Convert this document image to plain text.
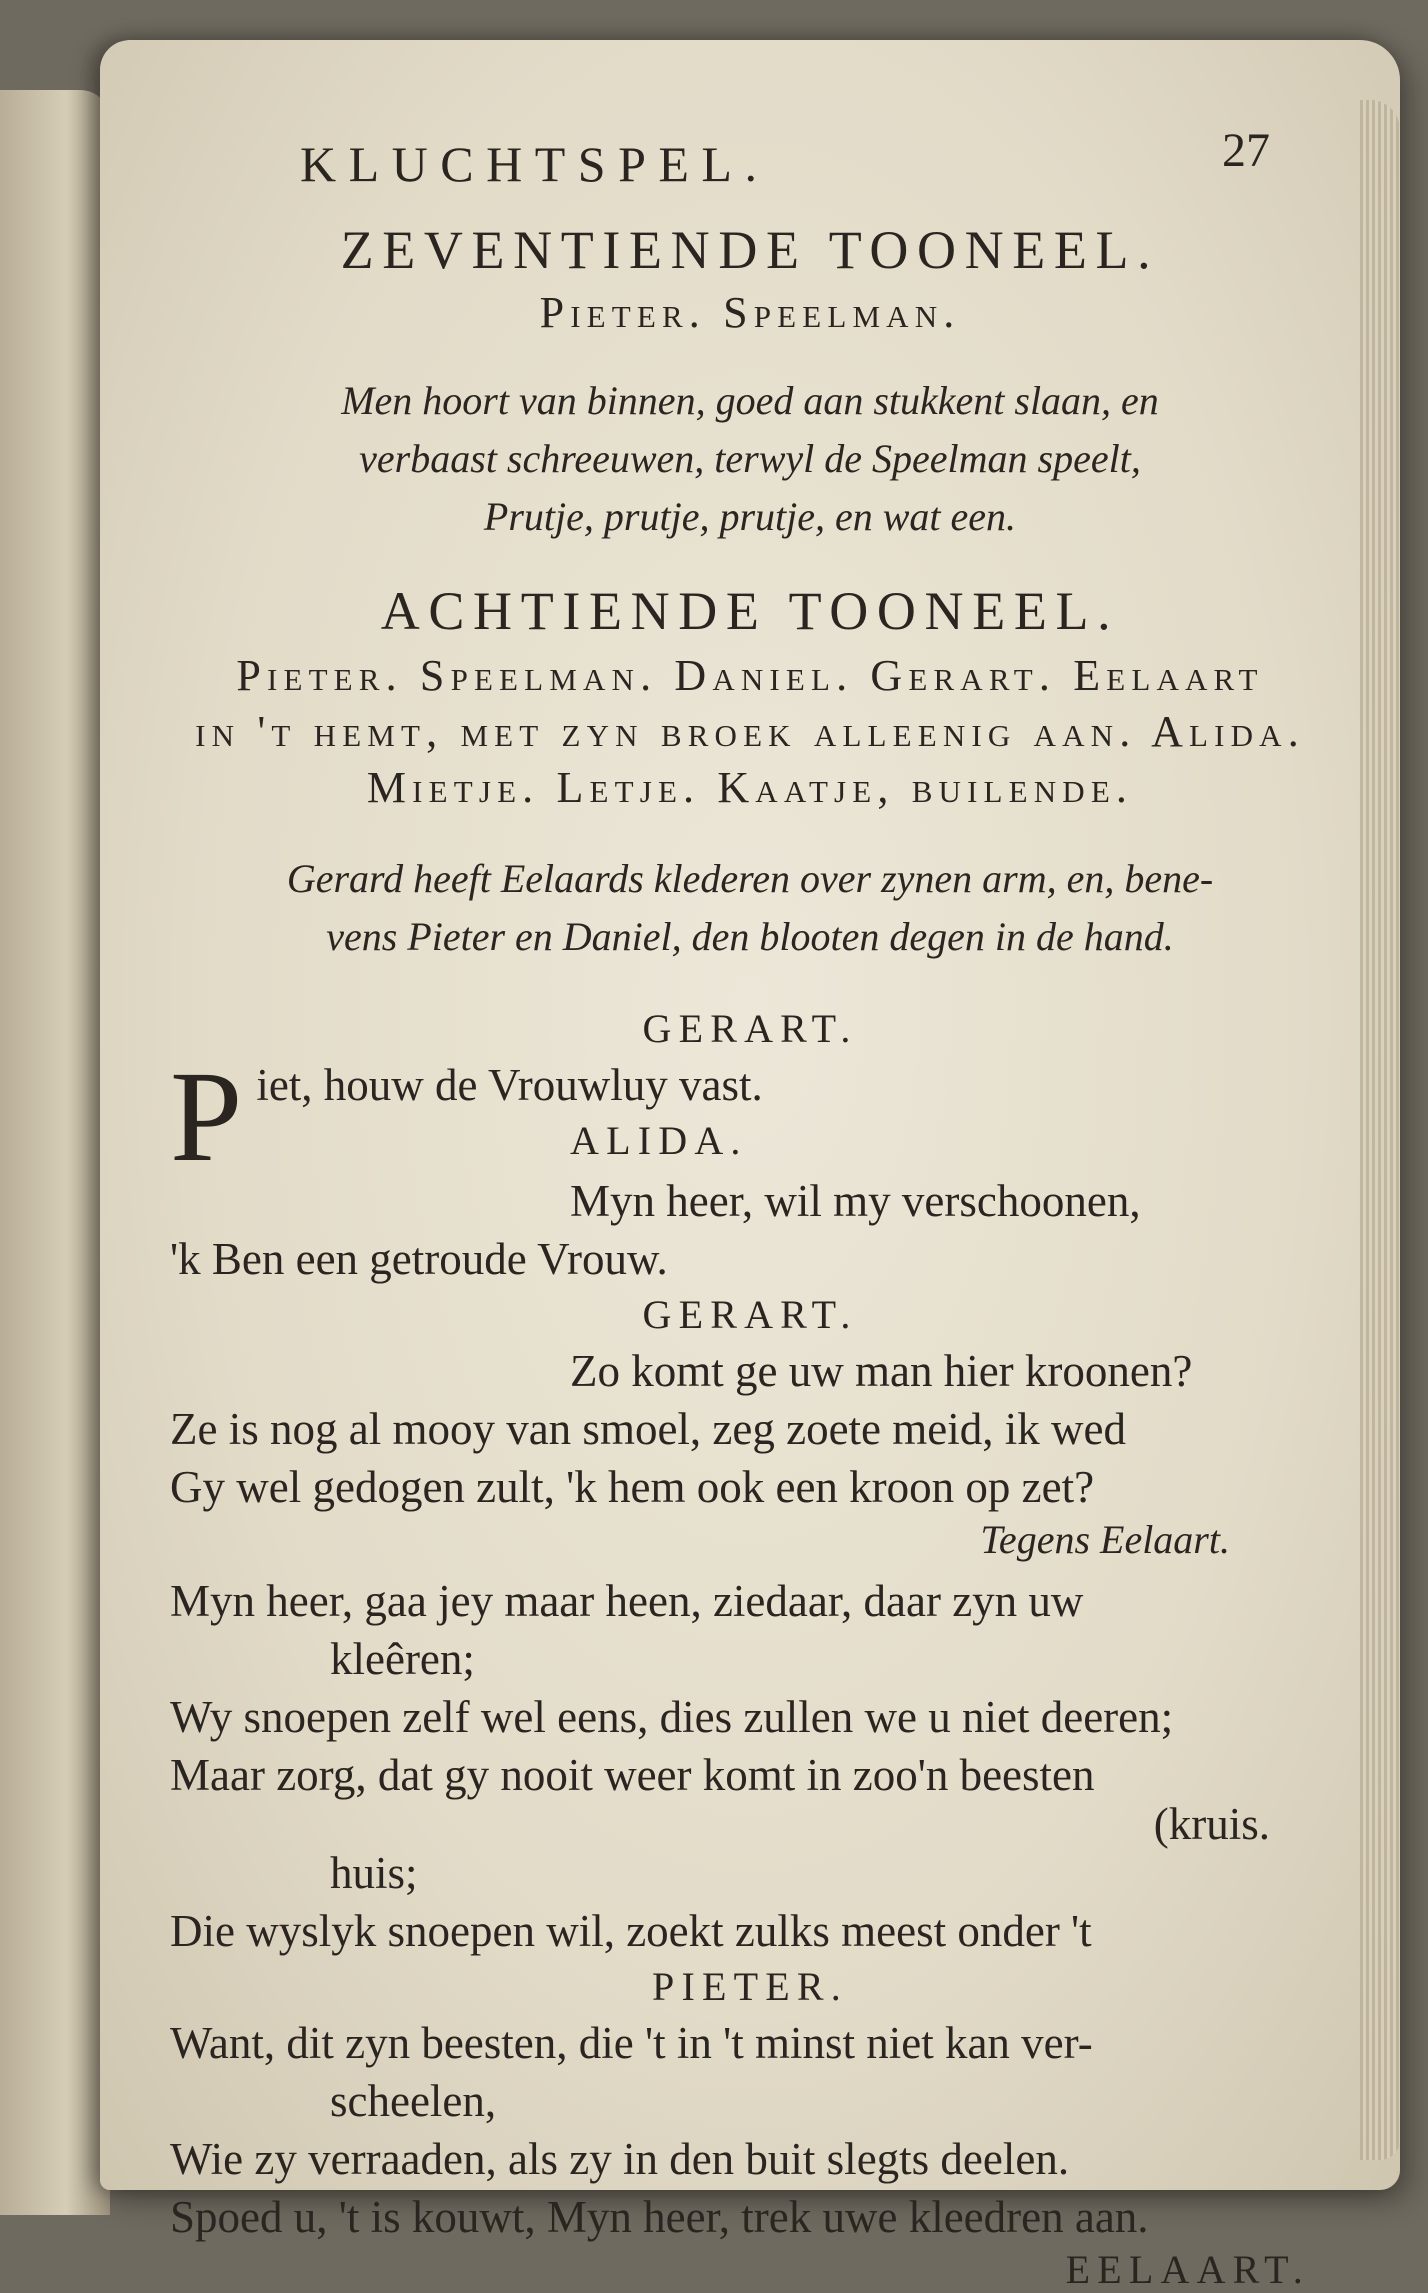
KLUCHTSPEL.	27
ZEVENTIENDE TOONEEL.
Pieter. Speelman.
Men hoort van binnen, goed aan stukkent slaan, en
verbaast schreeuwen, terwyl de Speelman speelt,
Prutje, prutje, prutje, en wat een.
ACHTIENDE TOONEEL.
Pieter. Speelman. Daniel. Gerart. Eelaart
in 't hemt, met zyn broek alleenig aan. Alida.
Mietje. Letje. Kaatje, builende.
Gerard heeft Eelaards klederen over zynen arm, en, bene-
vens Pieter en Daniel, den blooten degen in de hand.
GERART.
P iet, houw de Vrouwluy vast.
ALIDA.
Myn heer, wil my verschoonen,
'k Ben een getroude Vrouw.
GERART.
Zo komt ge uw man hier kroonen?
Ze is nog al mooy van smoel, zeg zoete meid, ik wed
Gy wel gedogen zult, 'k hem ook een kroon op zet?
Tegens Eelaart.
Myn heer, gaa jey maar heen, ziedaar, daar zyn uw
kleêren;
Wy snoepen zelf wel eens, dies zullen we u niet deeren;
Maar zorg, dat gy nooit weer komt in zoo'n beesten
(kruis.
huis;
Die wyslyk snoepen wil, zoekt zulks meest onder 't
PIETER.
Want, dit zyn beesten, die 't in 't minst niet kan ver-
scheelen,
Wie zy verraaden, als zy in den buit slegts deelen.
Spoed u, 't is kouwt, Myn heer, trek uwe kleedren aan.
EELAART.
